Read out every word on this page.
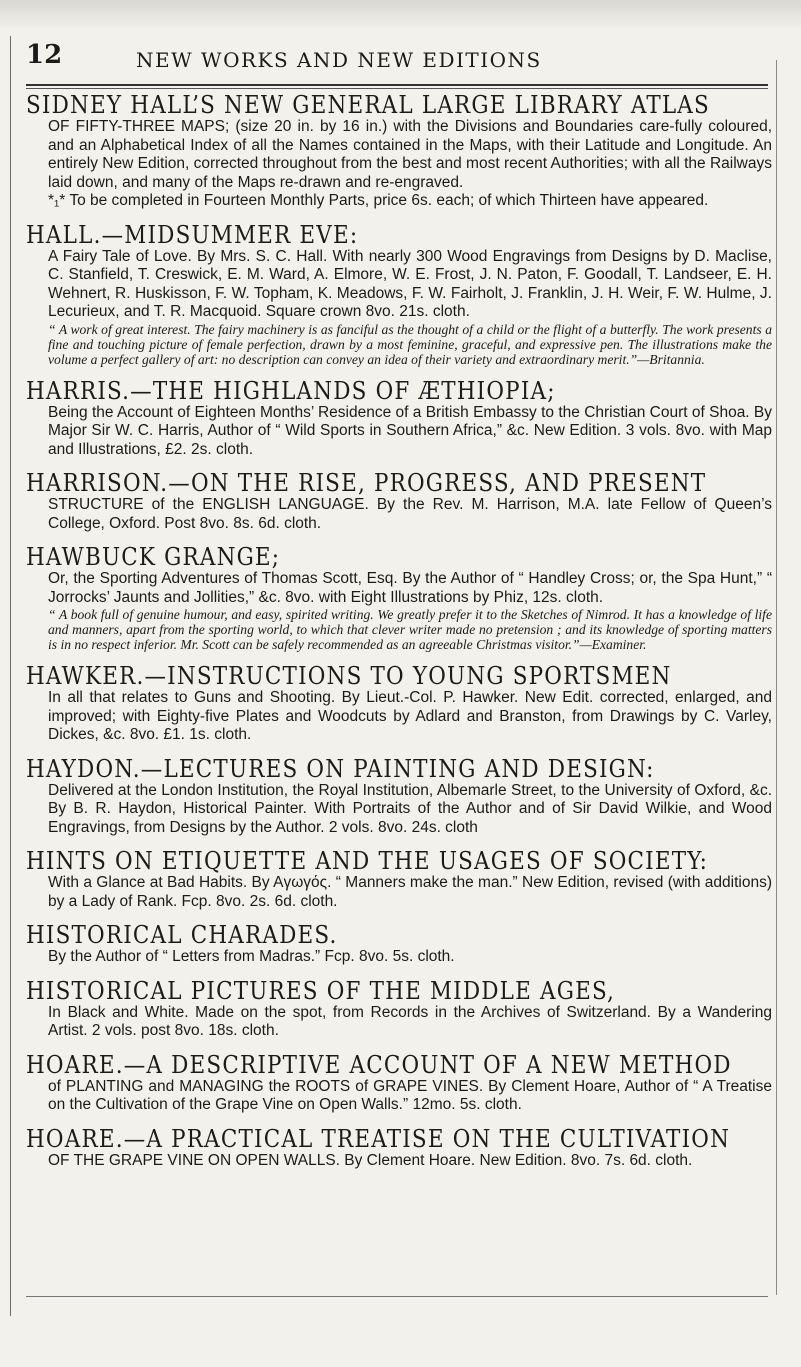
12	NEW WORKS AND NEW EDITIONS
SIDNEY HALL’S NEW GENERAL LARGE LIBRARY ATLAS
OF FIFTY-THREE MAPS; (size 20 in. by 16 in.) with the Divisions and Boundaries care-fully coloured, and an Alphabetical Index of all the Names contained in the Maps, with their Latitude and Longitude. An entirely New Edition, corrected throughout from the best and most recent Authorities; with all the Railways laid down, and many of the Maps re-drawn and re-engraved.
*₁* To be completed in Fourteen Monthly Parts, price 6s. each; of which Thirteen have appeared.
HALL.—MIDSUMMER EVE:
A Fairy Tale of Love. By Mrs. S. C. Hall. With nearly 300 Wood Engravings from Designs by D. Maclise, C. Stanfield, T. Creswick, E. M. Ward, A. Elmore, W. E. Frost, J. N. Paton, F. Goodall, T. Landseer, E. H. Wehnert, R. Huskisson, F. W. Topham, K. Meadows, F. W. Fairholt, J. Franklin, J. H. Weir, F. W. Hulme, J. Lecurieux, and T. R. Macquoid. Square crown 8vo. 21s. cloth.
“ A work of great interest. The fairy machinery is as fanciful as the thought of a child or the flight of a butterfly. The work presents a fine and touching picture of female perfection, drawn by a most feminine, graceful, and expressive pen. The illustrations make the volume a perfect gallery of art: no description can convey an idea of their variety and extraordinary merit.”—Britannia.
HARRIS.—THE HIGHLANDS OF ÆTHIOPIA;
Being the Account of Eighteen Months’ Residence of a British Embassy to the Christian Court of Shoa. By Major Sir W. C. Harris, Author of “ Wild Sports in Southern Africa,” &c. New Edition. 3 vols. 8vo. with Map and Illustrations, £2. 2s. cloth.
HARRISON.—ON THE RISE, PROGRESS, AND PRESENT
STRUCTURE of the ENGLISH LANGUAGE. By the Rev. M. Harrison, M.A. late Fellow of Queen’s College, Oxford. Post 8vo. 8s. 6d. cloth.
HAWBUCK GRANGE;
Or, the Sporting Adventures of Thomas Scott, Esq. By the Author of “ Handley Cross; or, the Spa Hunt,” “ Jorrocks’ Jaunts and Jollities,” &c. 8vo. with Eight Illustrations by Phiz, 12s. cloth.
“ A book full of genuine humour, and easy, spirited writing. We greatly prefer it to the Sketches of Nimrod. It has a knowledge of life and manners, apart from the sporting world, to which that clever writer made no pretension ; and its knowledge of sporting matters is in no respect inferior. Mr. Scott can be safely recommended as an agreeable Christmas visitor.”—Examiner.
HAWKER.—INSTRUCTIONS TO YOUNG SPORTSMEN
In all that relates to Guns and Shooting. By Lieut.-Col. P. Hawker. New Edit. corrected, enlarged, and improved; with Eighty-five Plates and Woodcuts by Adlard and Branston, from Drawings by C. Varley, Dickes, &c. 8vo. £1. 1s. cloth.
HAYDON.—LECTURES ON PAINTING AND DESIGN:
Delivered at the London Institution, the Royal Institution, Albemarle Street, to the University of Oxford, &c. By B. R. Haydon, Historical Painter. With Portraits of the Author and of Sir David Wilkie, and Wood Engravings, from Designs by the Author. 2 vols. 8vo. 24s. cloth
HINTS ON ETIQUETTE AND THE USAGES OF SOCIETY:
With a Glance at Bad Habits. By Aγωγός. “ Manners make the man.” New Edition, revised (with additions) by a Lady of Rank. Fcp. 8vo. 2s. 6d. cloth.
HISTORICAL CHARADES.
By the Author of “ Letters from Madras.” Fcp. 8vo. 5s. cloth.
HISTORICAL PICTURES OF THE MIDDLE AGES,
In Black and White. Made on the spot, from Records in the Archives of Switzerland. By a Wandering Artist. 2 vols. post 8vo. 18s. cloth.
HOARE.—A DESCRIPTIVE ACCOUNT OF A NEW METHOD
of PLANTING and MANAGING the ROOTS of GRAPE VINES. By Clement Hoare, Author of “ A Treatise on the Cultivation of the Grape Vine on Open Walls.” 12mo. 5s. cloth.
HOARE.—A PRACTICAL TREATISE ON THE CULTIVATION
OF THE GRAPE VINE ON OPEN WALLS. By Clement Hoare. New Edition. 8vo. 7s. 6d. cloth.
